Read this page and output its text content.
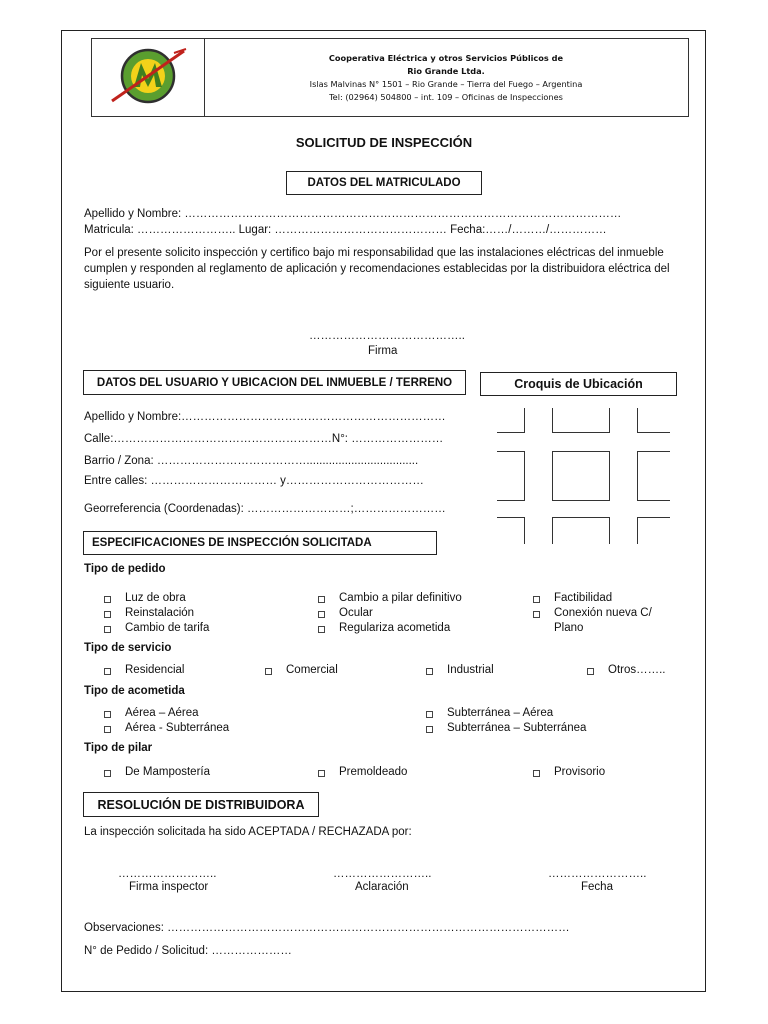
Cooperativa Eléctrica y otros Servicios Públicos de
Rio Grande Ltda.
Islas Malvinas N° 1501 – Rio Grande – Tierra del Fuego – Argentina
Tel: (02964) 504800 – int. 109 – Oficinas de Inspecciones
SOLICITUD DE INSPECCIÓN
DATOS DEL MATRICULADO
Apellido y Nombre: ……………………………………………………………………………………………………
Matricula: …………………….. Lugar: ……………………………………… Fecha:……/………/……………
Por el presente solicito inspección y certifico bajo mi responsabilidad que las instalaciones eléctricas del inmueble cumplen y responden al reglamento de aplicación y recomendaciones establecidas por la distribuidora eléctrica del siguiente usuario.
…………………………………..
Firma
DATOS DEL USUARIO Y UBICACION DEL INMUEBLE / TERRENO	Croquis de Ubicación
Apellido y Nombre:……………………………………………………………
Calle:…………………………………………………N°: ……………………
Barrio / Zona: …………………………………...................................
Entre calles: …………………………… y………………………………
Georreferencia (Coordenadas): ………………………;……………………
ESPECIFICACIONES DE INSPECCIÓN SOLICITADA
Tipo de pedido
Luz de obra
Reinstalación
Cambio de tarifa
Cambio a pilar definitivo
Ocular
Regulariza acometida
Factibilidad
Conexión nueva C/
Plano
Tipo de servicio
Residencial	Comercial	Industrial	Otros……..
Tipo de acometida
Aérea – Aérea
Aérea - Subterránea
Subterránea – Aérea
Subterránea – Subterránea
Tipo de pilar
De Mampostería	Premoldeado	Provisorio
RESOLUCIÓN DE DISTRIBUIDORA
La inspección solicitada ha sido ACEPTADA / RECHAZADA por:
……………………..
Firma inspector
……………………..
Aclaración
……………………..
Fecha
Observaciones: ……………………………………………………………………………………………
N° de Pedido / Solicitud: …………………
